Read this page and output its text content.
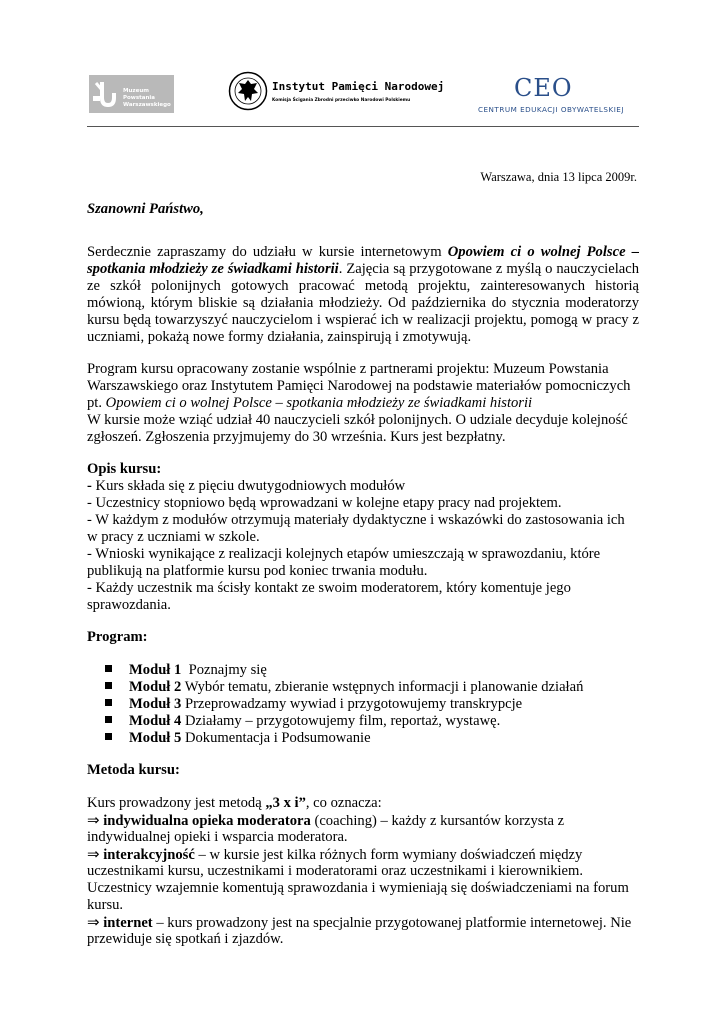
Muzeum Powstania
Warszawskiego
Instytut Pamięci Narodowej
Komisja Ścigania Zbrodni przeciwko Narodowi Polskiemu	CEO
CENTRUM EDUKACJI OBYWATELSKIEJ
Warszawa, dnia 13 lipca 2009r.
Szanowni Państwo,
Serdecznie zapraszamy do udziału w kursie internetowym Opowiem ci o wolnej Polsce –
spotkania młodzieży ze świadkami historii. Zajęcia są przygotowane z myślą o nauczycielach
ze szkół polonijnych gotowych pracować metodą projektu, zainteresowanych historią
mówioną, którym bliskie są działania młodzieży. Od października do stycznia moderatorzy
kursu będą towarzyszyć nauczycielom i wspierać ich w realizacji projektu, pomogą w pracy z
uczniami, pokażą nowe formy działania, zainspirują i zmotywują.
Program kursu opracowany zostanie wspólnie z partnerami projektu: Muzeum Powstania
Warszawskiego oraz Instytutem Pamięci Narodowej na podstawie materiałów pomocniczych
pt. Opowiem ci o wolnej Polsce – spotkania młodzieży ze świadkami historii
W kursie może wziąć udział 40 nauczycieli szkół polonijnych. O udziale decyduje kolejność
zgłoszeń. Zgłoszenia przyjmujemy do 30 września. Kurs jest bezpłatny.
Opis kursu:
- Kurs składa się z pięciu dwutygodniowych modułów
- Uczestnicy stopniowo będą wprowadzani w kolejne etapy pracy nad projektem.
- W każdym z modułów otrzymują materiały dydaktyczne i wskazówki do zastosowania ich
w pracy z uczniami w szkole.
- Wnioski wynikające z realizacji kolejnych etapów umieszczają w sprawozdaniu, które
publikują na platformie kursu pod koniec trwania modułu.
- Każdy uczestnik ma ścisły kontakt ze swoim moderatorem, który komentuje jego
sprawozdania.
Program:
Moduł 1  Poznajmy się
Moduł 2 Wybór tematu, zbieranie wstępnych informacji i planowanie działań
Moduł 3 Przeprowadzamy wywiad i przygotowujemy transkrypcje
Moduł 4 Działamy – przygotowujemy film, reportaż, wystawę.
Moduł 5 Dokumentacja i Podsumowanie
Metoda kursu:
Kurs prowadzony jest metodą „3 x i”, co oznacza:
⇒ indywidualna opieka moderatora (coaching) – każdy z kursantów korzysta z
indywidualnej opieki i wsparcia moderatora.
⇒ interakcyjność – w kursie jest kilka różnych form wymiany doświadczeń między
uczestnikami kursu, uczestnikami i moderatorami oraz uczestnikami i kierownikiem.
Uczestnicy wzajemnie komentują sprawozdania i wymieniają się doświadczeniami na forum
kursu.
⇒ internet – kurs prowadzony jest na specjalnie przygotowanej platformie internetowej. Nie
przewiduje się spotkań i zjazdów.
